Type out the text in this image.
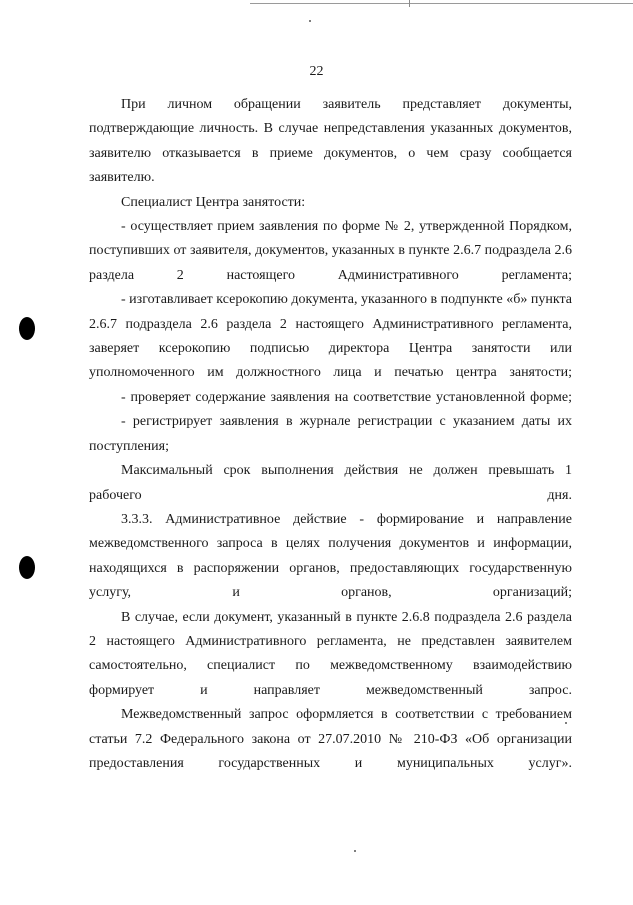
22

При личном обращении заявитель представляет документы, подтверждающие личность. В случае непредставления указанных документов, заявителю отказывается в приеме документов, о чем сразу сообщается заявителю.

Специалист Центра занятости:

- осуществляет прием заявления по форме № 2, утвержденной Порядком, поступивших от заявителя, документов, указанных в пункте 2.6.7 подраздела 2.6 раздела 2 настоящего Административного регламента;

- изготавливает ксерокопию документа, указанного в подпункте «б» пункта 2.6.7 подраздела 2.6 раздела 2 настоящего Административного регламента, заверяет ксерокопию подписью директора Центра занятости или уполномоченного им должностного лица и печатью центра занятости;

- проверяет содержание заявления на соответствие установленной форме;

- регистрирует заявления в журнале регистрации с указанием даты их поступления;

Максимальный срок выполнения действия не должен превышать 1 рабочего дня.

3.3.3. Административное действие - формирование и направление межведомственного запроса в целях получения документов и информации, находящихся в распоряжении органов, предоставляющих государственную услугу, и органов, организаций;

В случае, если документ, указанный в пункте 2.6.8 подраздела 2.6 раздела 2 настоящего Административного регламента, не представлен заявителем самостоятельно, специалист по межведомственному взаимодействию формирует и направляет межведомственный запрос.

Межведомственный запрос оформляется в соответствии с требованием статьи 7.2 Федерального закона от 27.07.2010 № 210-ФЗ «Об организации предоставления государственных и муниципальных услуг».
